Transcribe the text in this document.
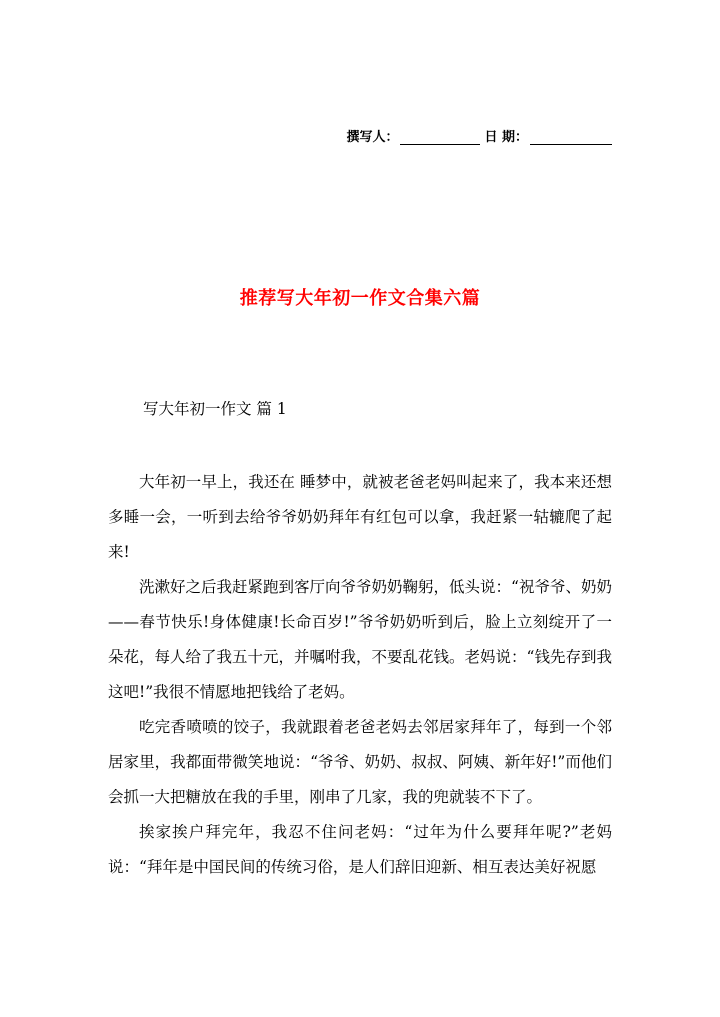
撰写人：	日 期：
推荐写大年初一作文合集六篇
写大年初一作文 篇 1

大年初一早上，我还在 睡梦中，就被老爸老妈叫起来了，我本来还想多睡一会，一听到去给爷爷奶奶拜年有红包可以拿，我赶紧一轱辘爬了起来!

洗漱好之后我赶紧跑到客厅向爷爷奶奶鞠躬，低头说：“祝爷爷、奶奶——春节快乐!身体健康!长命百岁!”爷爷奶奶听到后，脸上立刻绽开了一朵花，每人给了我五十元，并嘱咐我，不要乱花钱。老妈说：“钱先存到我这吧!”我很不情愿地把钱给了老妈。

吃完香喷喷的饺子，我就跟着老爸老妈去邻居家拜年了，每到一个邻居家里，我都面带微笑地说：“爷爷、奶奶、叔叔、阿姨、新年好!”而他们会抓一大把糖放在我的手里，刚串了几家，我的兜就装不下了。

挨家挨户拜完年，我忍不住问老妈：“过年为什么要拜年呢?”老妈说：“拜年是中国民间的传统习俗，是人们辞旧迎新、相互表达美好祝愿
